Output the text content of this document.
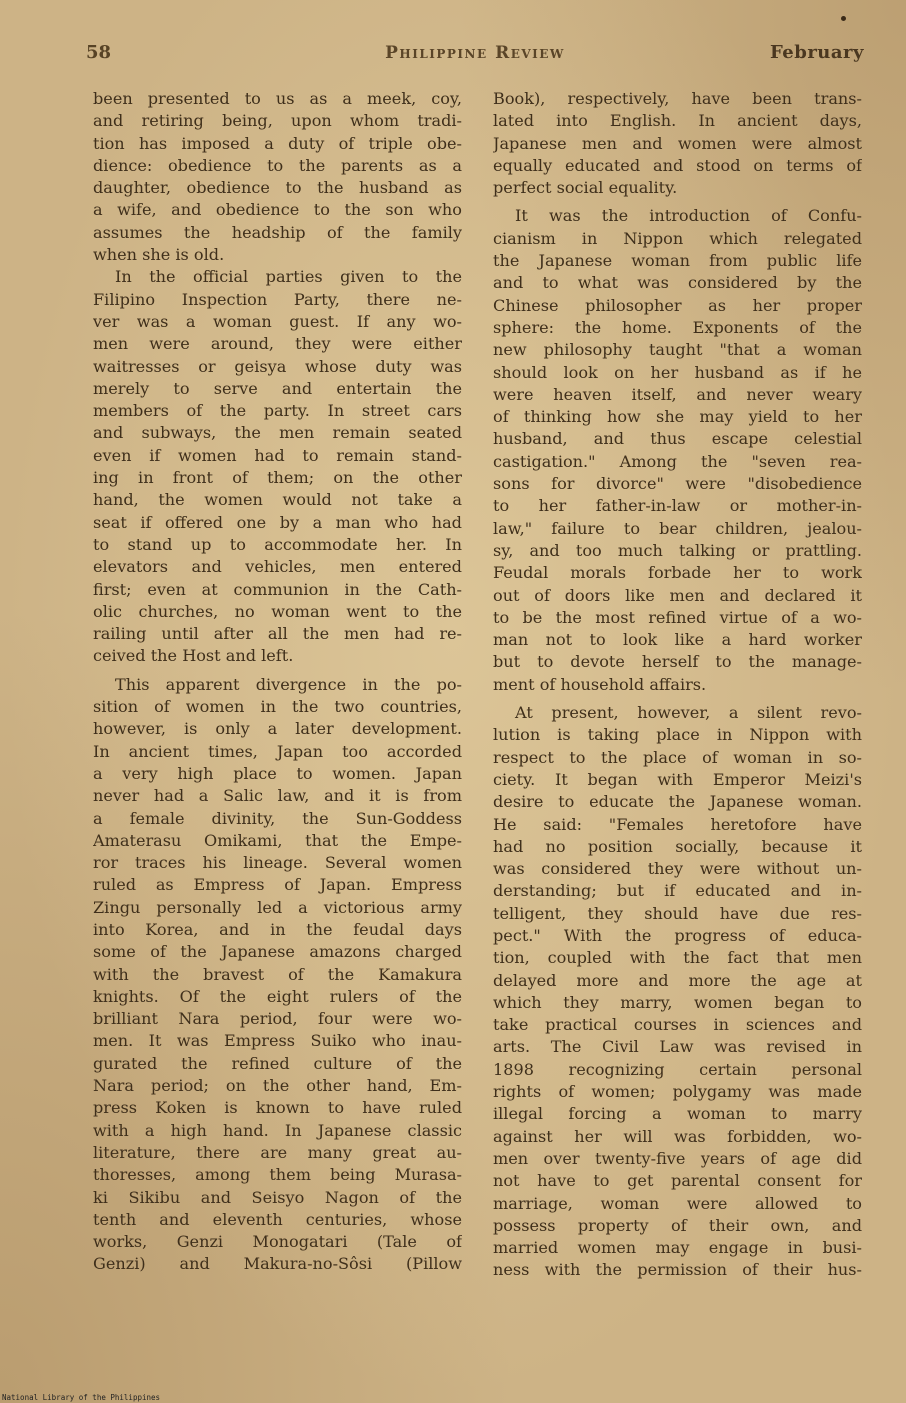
58	Philippine Review	February
been presented to us as a meek, coy,
and retiring being, upon whom tradi-
tion has imposed a duty of triple obe-
dience: obedience to the parents as a
daughter, obedience to the husband as
a wife, and obedience to the son who
assumes the headship of the family
when she is old.
In the official parties given to the
Filipino Inspection Party, there ne-
ver was a woman guest. If any wo-
men were around, they were either
waitresses or geisya whose duty was
merely to serve and entertain the
members of the party. In street cars
and subways, the men remain seated
even if women had to remain stand-
ing in front of them; on the other
hand, the women would not take a
seat if offered one by a man who had
to stand up to accommodate her. In
elevators and vehicles, men entered
first; even at communion in the Cath-
olic churches, no woman went to the
railing until after all the men had re-
ceived the Host and left.
This apparent divergence in the po-
sition of women in the two countries,
however, is only a later development.
In ancient times, Japan too accorded
a very high place to women. Japan
never had a Salic law, and it is from
a female divinity, the Sun-Goddess
Amaterasu Omikami, that the Empe-
ror traces his lineage. Several women
ruled as Empress of Japan. Empress
Zingu personally led a victorious army
into Korea, and in the feudal days
some of the Japanese amazons charged
with the bravest of the Kamakura
knights. Of the eight rulers of the
brilliant Nara period, four were wo-
men. It was Empress Suiko who inau-
gurated the refined culture of the
Nara period; on the other hand, Em-
press Koken is known to have ruled
with a high hand. In Japanese classic
literature, there are many great au-
thoresses, among them being Murasa-
ki Sikibu and Seisyo Nagon of the
tenth and eleventh centuries, whose
works, Genzi Monogatari (Tale of
Genzi) and Makura-no-Sôsi (Pillow
Book), respectively, have been trans-
lated into English. In ancient days,
Japanese men and women were almost
equally educated and stood on terms of
perfect social equality.
It was the introduction of Confu-
cianism in Nippon which relegated
the Japanese woman from public life
and to what was considered by the
Chinese philosopher as her proper
sphere: the home. Exponents of the
new philosophy taught "that a woman
should look on her husband as if he
were heaven itself, and never weary
of thinking how she may yield to her
husband, and thus escape celestial
castigation." Among the "seven rea-
sons for divorce" were "disobedience
to her father-in-law or mother-in-
law," failure to bear children, jealou-
sy, and too much talking or prattling.
Feudal morals forbade her to work
out of doors like men and declared it
to be the most refined virtue of a wo-
man not to look like a hard worker
but to devote herself to the manage-
ment of household affairs.
At present, however, a silent revo-
lution is taking place in Nippon with
respect to the place of woman in so-
ciety. It began with Emperor Meizi's
desire to educate the Japanese woman.
He said: "Females heretofore have
had no position socially, because it
was considered they were without un-
derstanding; but if educated and in-
telligent, they should have due res-
pect." With the progress of educa-
tion, coupled with the fact that men
delayed more and more the age at
which they marry, women began to
take practical courses in sciences and
arts. The Civil Law was revised in
1898 recognizing certain personal
rights of women; polygamy was made
illegal forcing a woman to marry
against her will was forbidden, wo-
men over twenty-five years of age did
not have to get parental consent for
marriage, woman were allowed to
possess property of their own, and
married women may engage in busi-
ness with the permission of their hus-
National Library of the Philippines
